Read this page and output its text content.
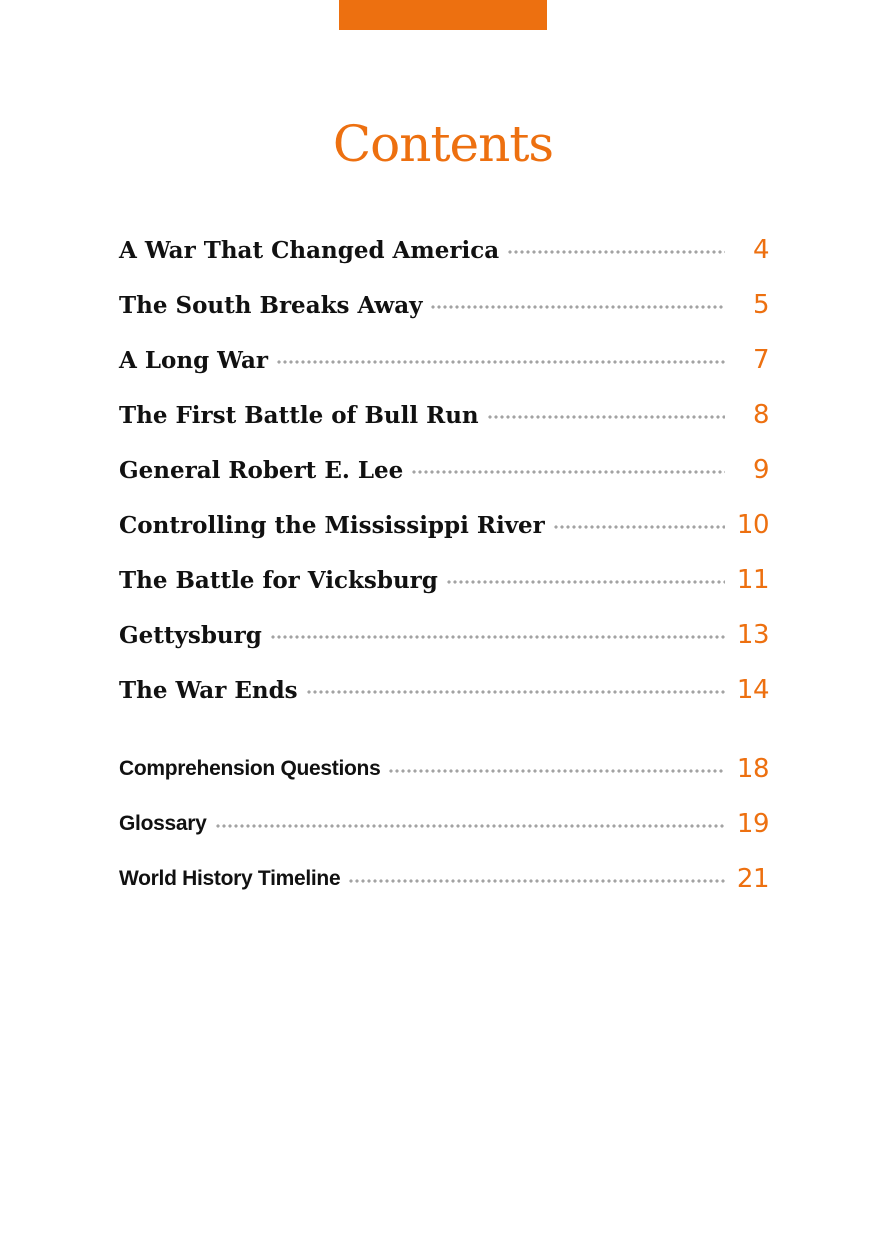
Contents
A War That Changed America	4
The South Breaks Away	5
A Long War	7
The First Battle of Bull Run	8
General Robert E. Lee	9
Controlling the Mississippi River	10
The Battle for Vicksburg	11
Gettysburg	13
The War Ends	14
Comprehension Questions	18
Glossary	19
World History Timeline	21
